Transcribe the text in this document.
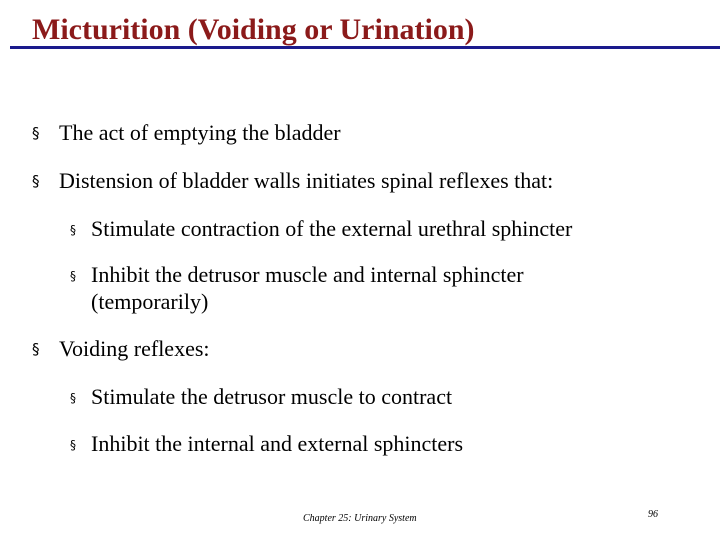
Micturition (Voiding or Urination)
§ The act of emptying the bladder
§ Distension of bladder walls initiates spinal reflexes that:
§ Stimulate contraction of the external urethral sphincter
§ Inhibit the detrusor muscle and internal sphincter
(temporarily)
§ Voiding reflexes:
§ Stimulate the detrusor muscle to contract
§ Inhibit the internal and external sphincters
Chapter 25: Urinary System	96
